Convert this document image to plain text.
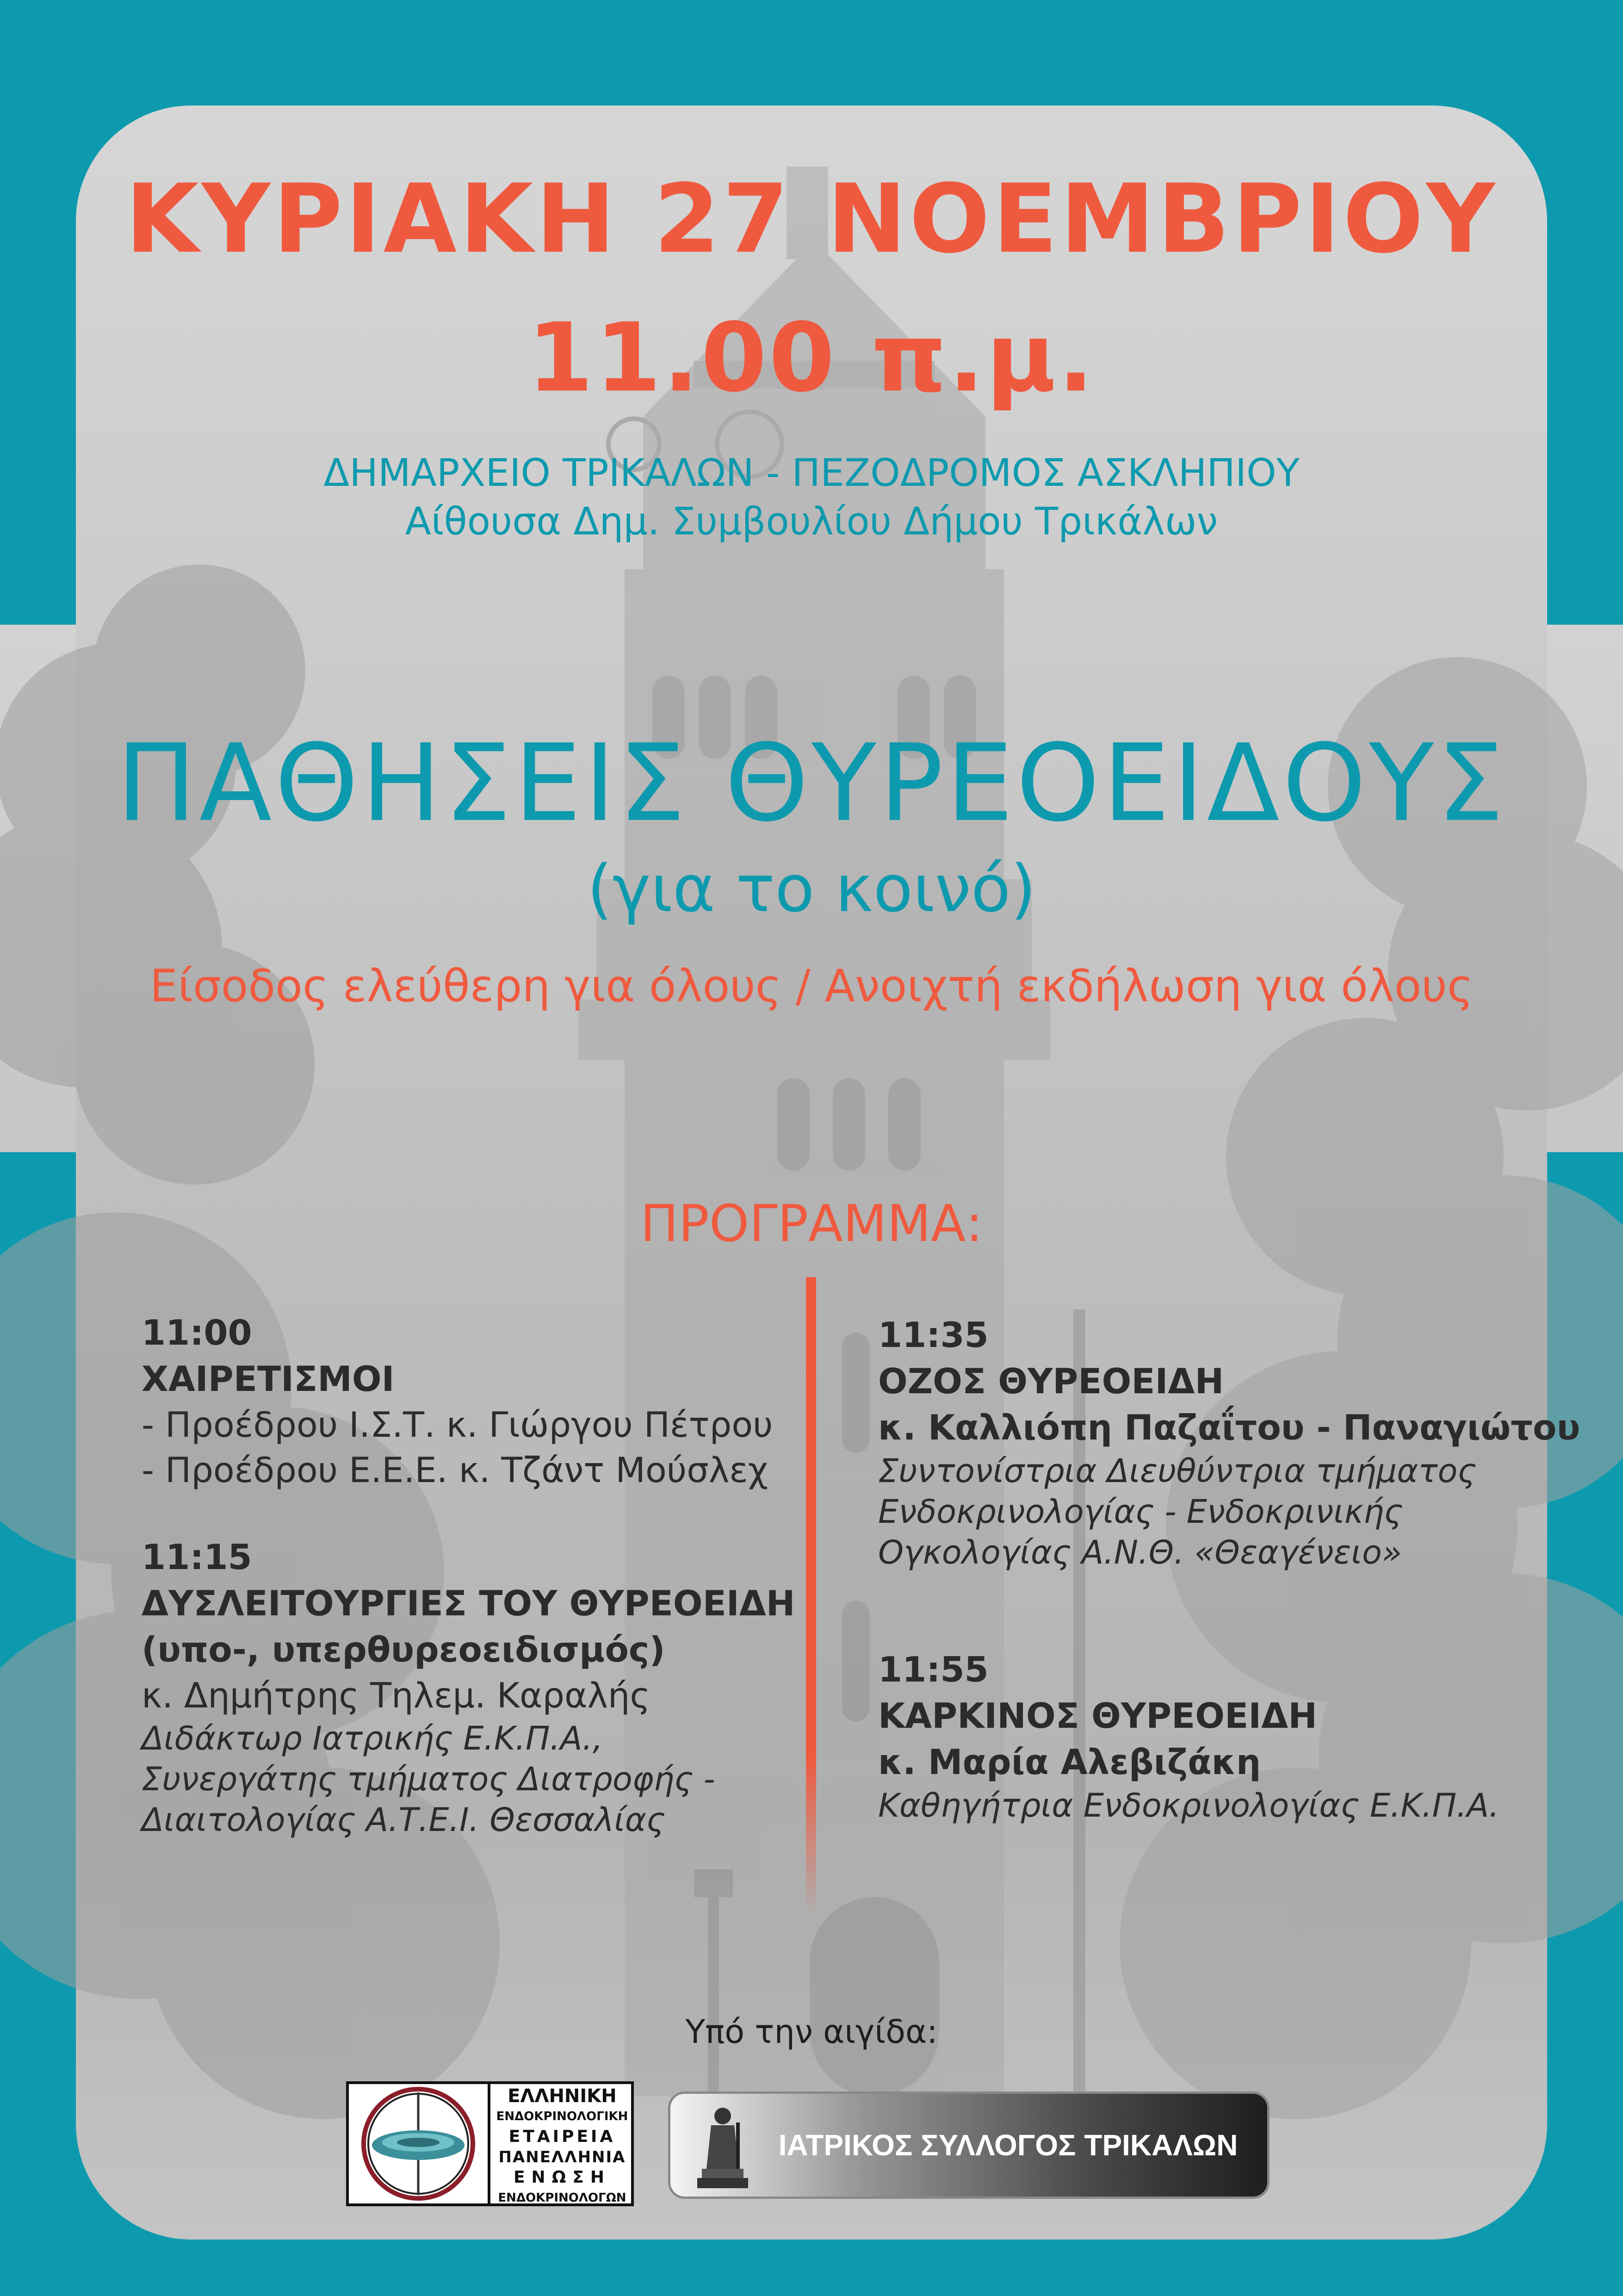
ΚΥΡΙΑΚΗ 27 ΝΟΕΜΒΡΙΟΥ
11.00 π.μ.
ΔΗΜΑΡΧΕΙΟ ΤΡΙΚΑΛΩΝ - ΠΕΖΟΔΡΟΜΟΣ ΑΣΚΛΗΠΙΟΥ
Αίθουσα Δημ. Συμβουλίου Δήμου Τρικάλων
ΠΑΘΗΣΕΙΣ ΘΥΡΕΟΕΙΔΟΥΣ
(για το κοινό)
Είσοδος ελεύθερη για όλους / Ανοιχτή εκδήλωση για όλους
ΠΡΟΓΡΑΜΜΑ:
11:00
ΧΑΙΡΕΤΙΣΜΟΙ
- Προέδρου Ι.Σ.Τ. κ. Γιώργου Πέτρου
- Προέδρου Ε.Ε.Ε. κ. Τζάντ Μούσλεχ
11:15
ΔΥΣΛΕΙΤΟΥΡΓΙΕΣ ΤΟΥ ΘΥΡΕΟΕΙΔΗ
(υπο-, υπερθυρεοειδισμός)
κ. Δημήτρης Τηλεμ. Καραλής
Διδάκτωρ Ιατρικής Ε.Κ.Π.Α.,
Συνεργάτης τμήματος Διατροφής -
Διαιτολογίας Α.Τ.Ε.Ι. Θεσσαλίας
11:35
ΟΖΟΣ ΘΥΡΕΟΕΙΔΗ
κ. Καλλιόπη Παζαΐτου - Παναγιώτου
Συντονίστρια Διευθύντρια τμήματος
Ενδοκρινολογίας - Ενδοκρινικής
Ογκολογίας Α.Ν.Θ. «Θεαγένειο»
11:55
ΚΑΡΚΙΝΟΣ ΘΥΡΕΟΕΙΔΗ
κ. Μαρία Αλεβιζάκη
Καθηγήτρια Ενδοκρινολογίας Ε.Κ.Π.Α.
Υπό την αιγίδα:
ΕΛΛΗΝΙΚΗ
ΕΝΔΟΚΡΙΝΟΛΟΓΙΚΗ
ΕΤΑΙΡΕΙΑ
ΠΑΝΕΛΛΗΝΙΑ
ΕΝΩΣΗ
ΕΝΔΟΚΡΙΝΟΛΟΓΩΝ
ΙΑΤΡΙΚΟΣ ΣΥΛΛΟΓΟΣ ΤΡΙΚΑΛΩΝ
